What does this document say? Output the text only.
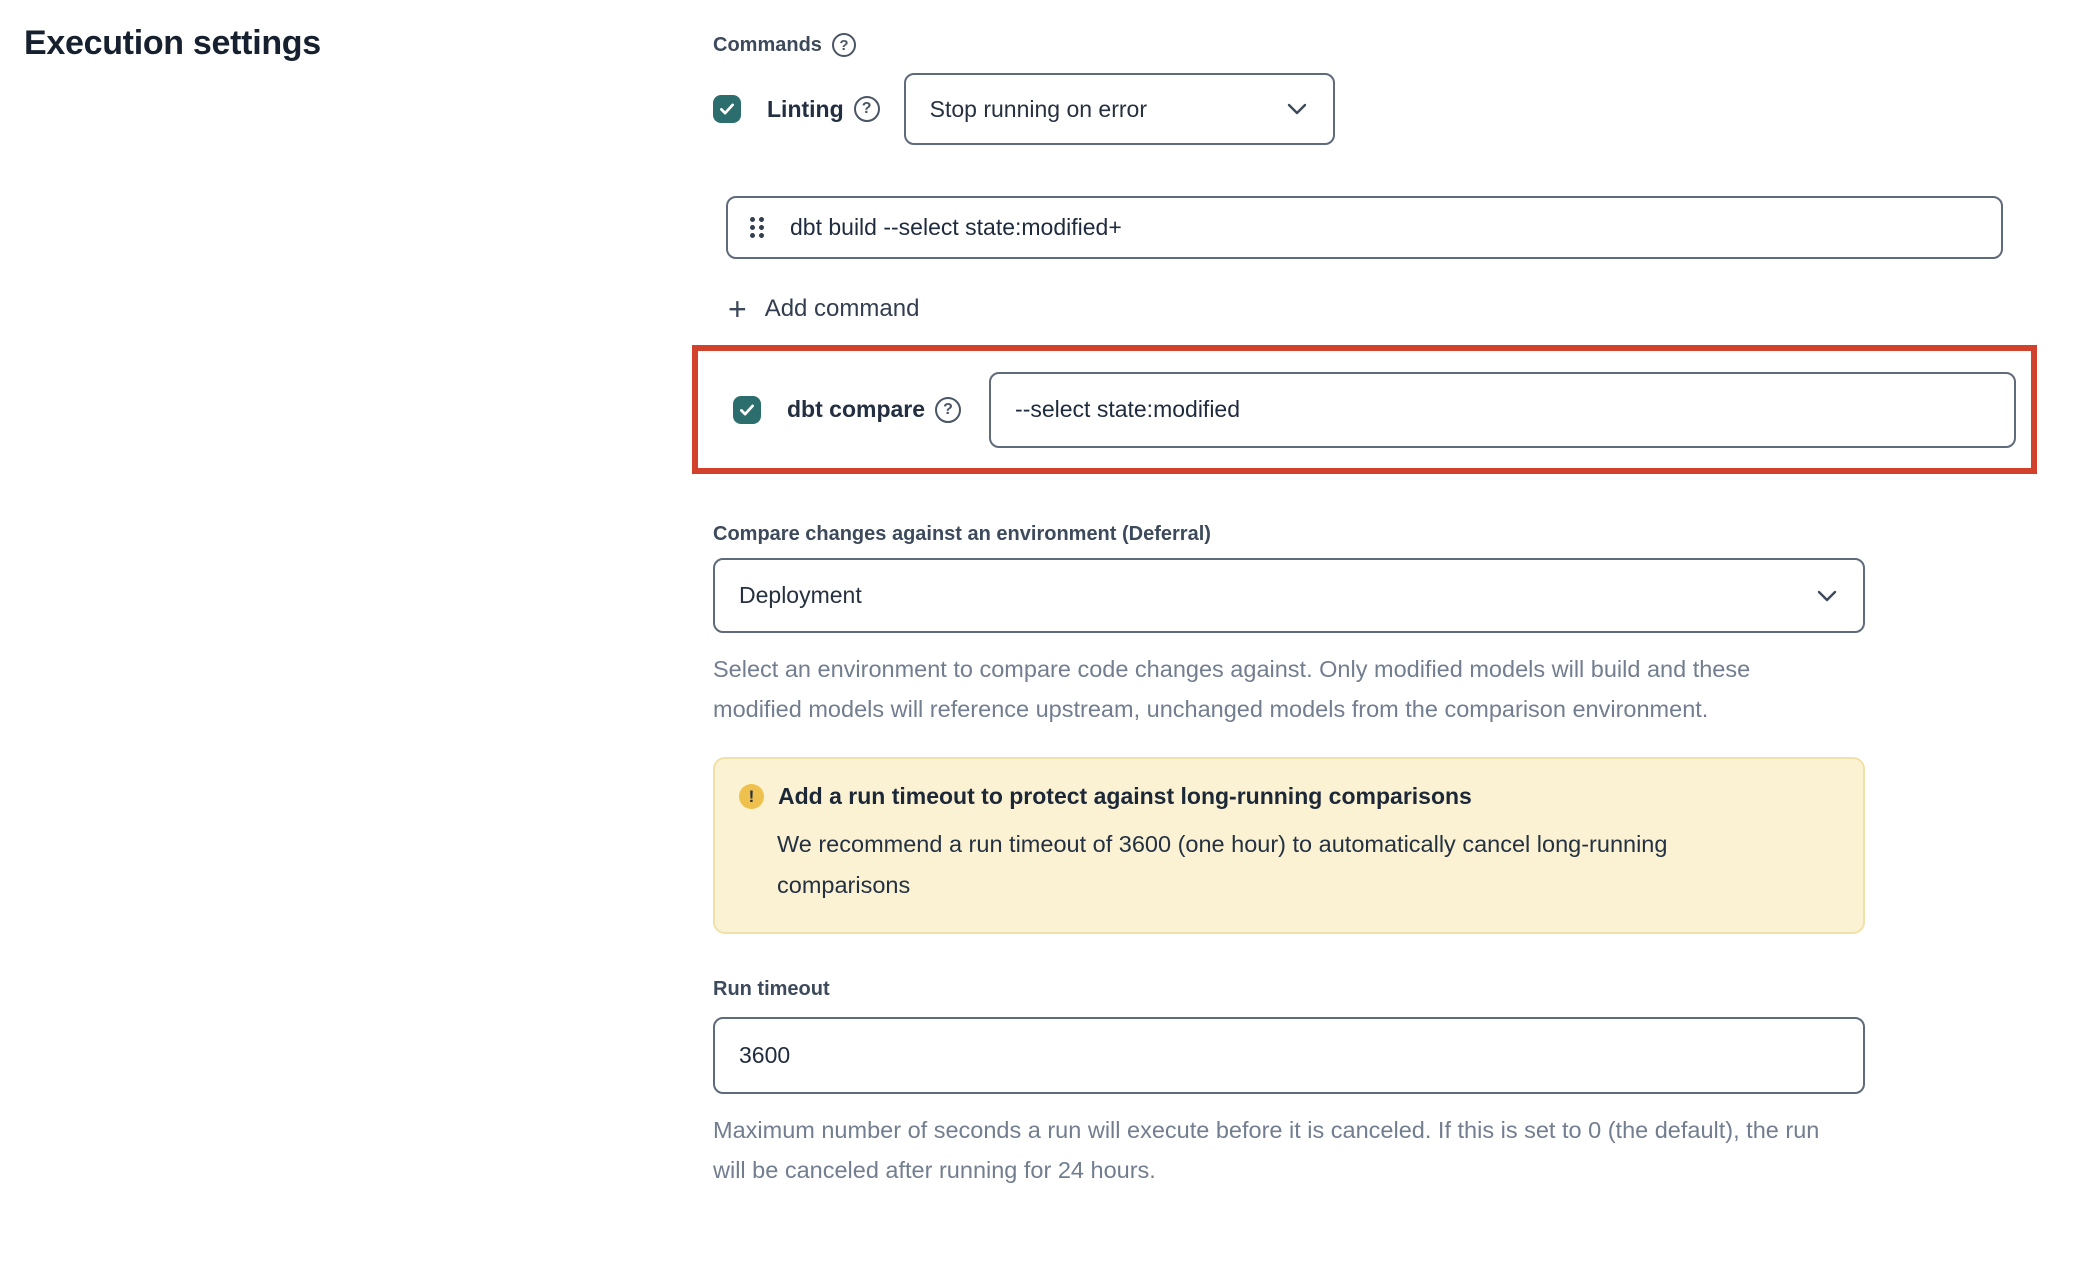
Execution settings	Commands	?
Linting	?	Stop running on error
dbt build --select state:modified+
+ Add command
dbt compare	?
--select state:modified
Compare changes against an environment (Deferral)
Deployment

Select an environment to compare code changes against. Only modified models will build and these modified models will reference upstream, unchanged models from the comparison environment.

!	Add a run timeout to protect against long-running comparisons

We recommend a run timeout of 3600 (one hour) to automatically cancel long-running comparisons

Run timeout
3600

Maximum number of seconds a run will execute before it is canceled. If this is set to 0 (the default), the run will be canceled after running for 24 hours.
